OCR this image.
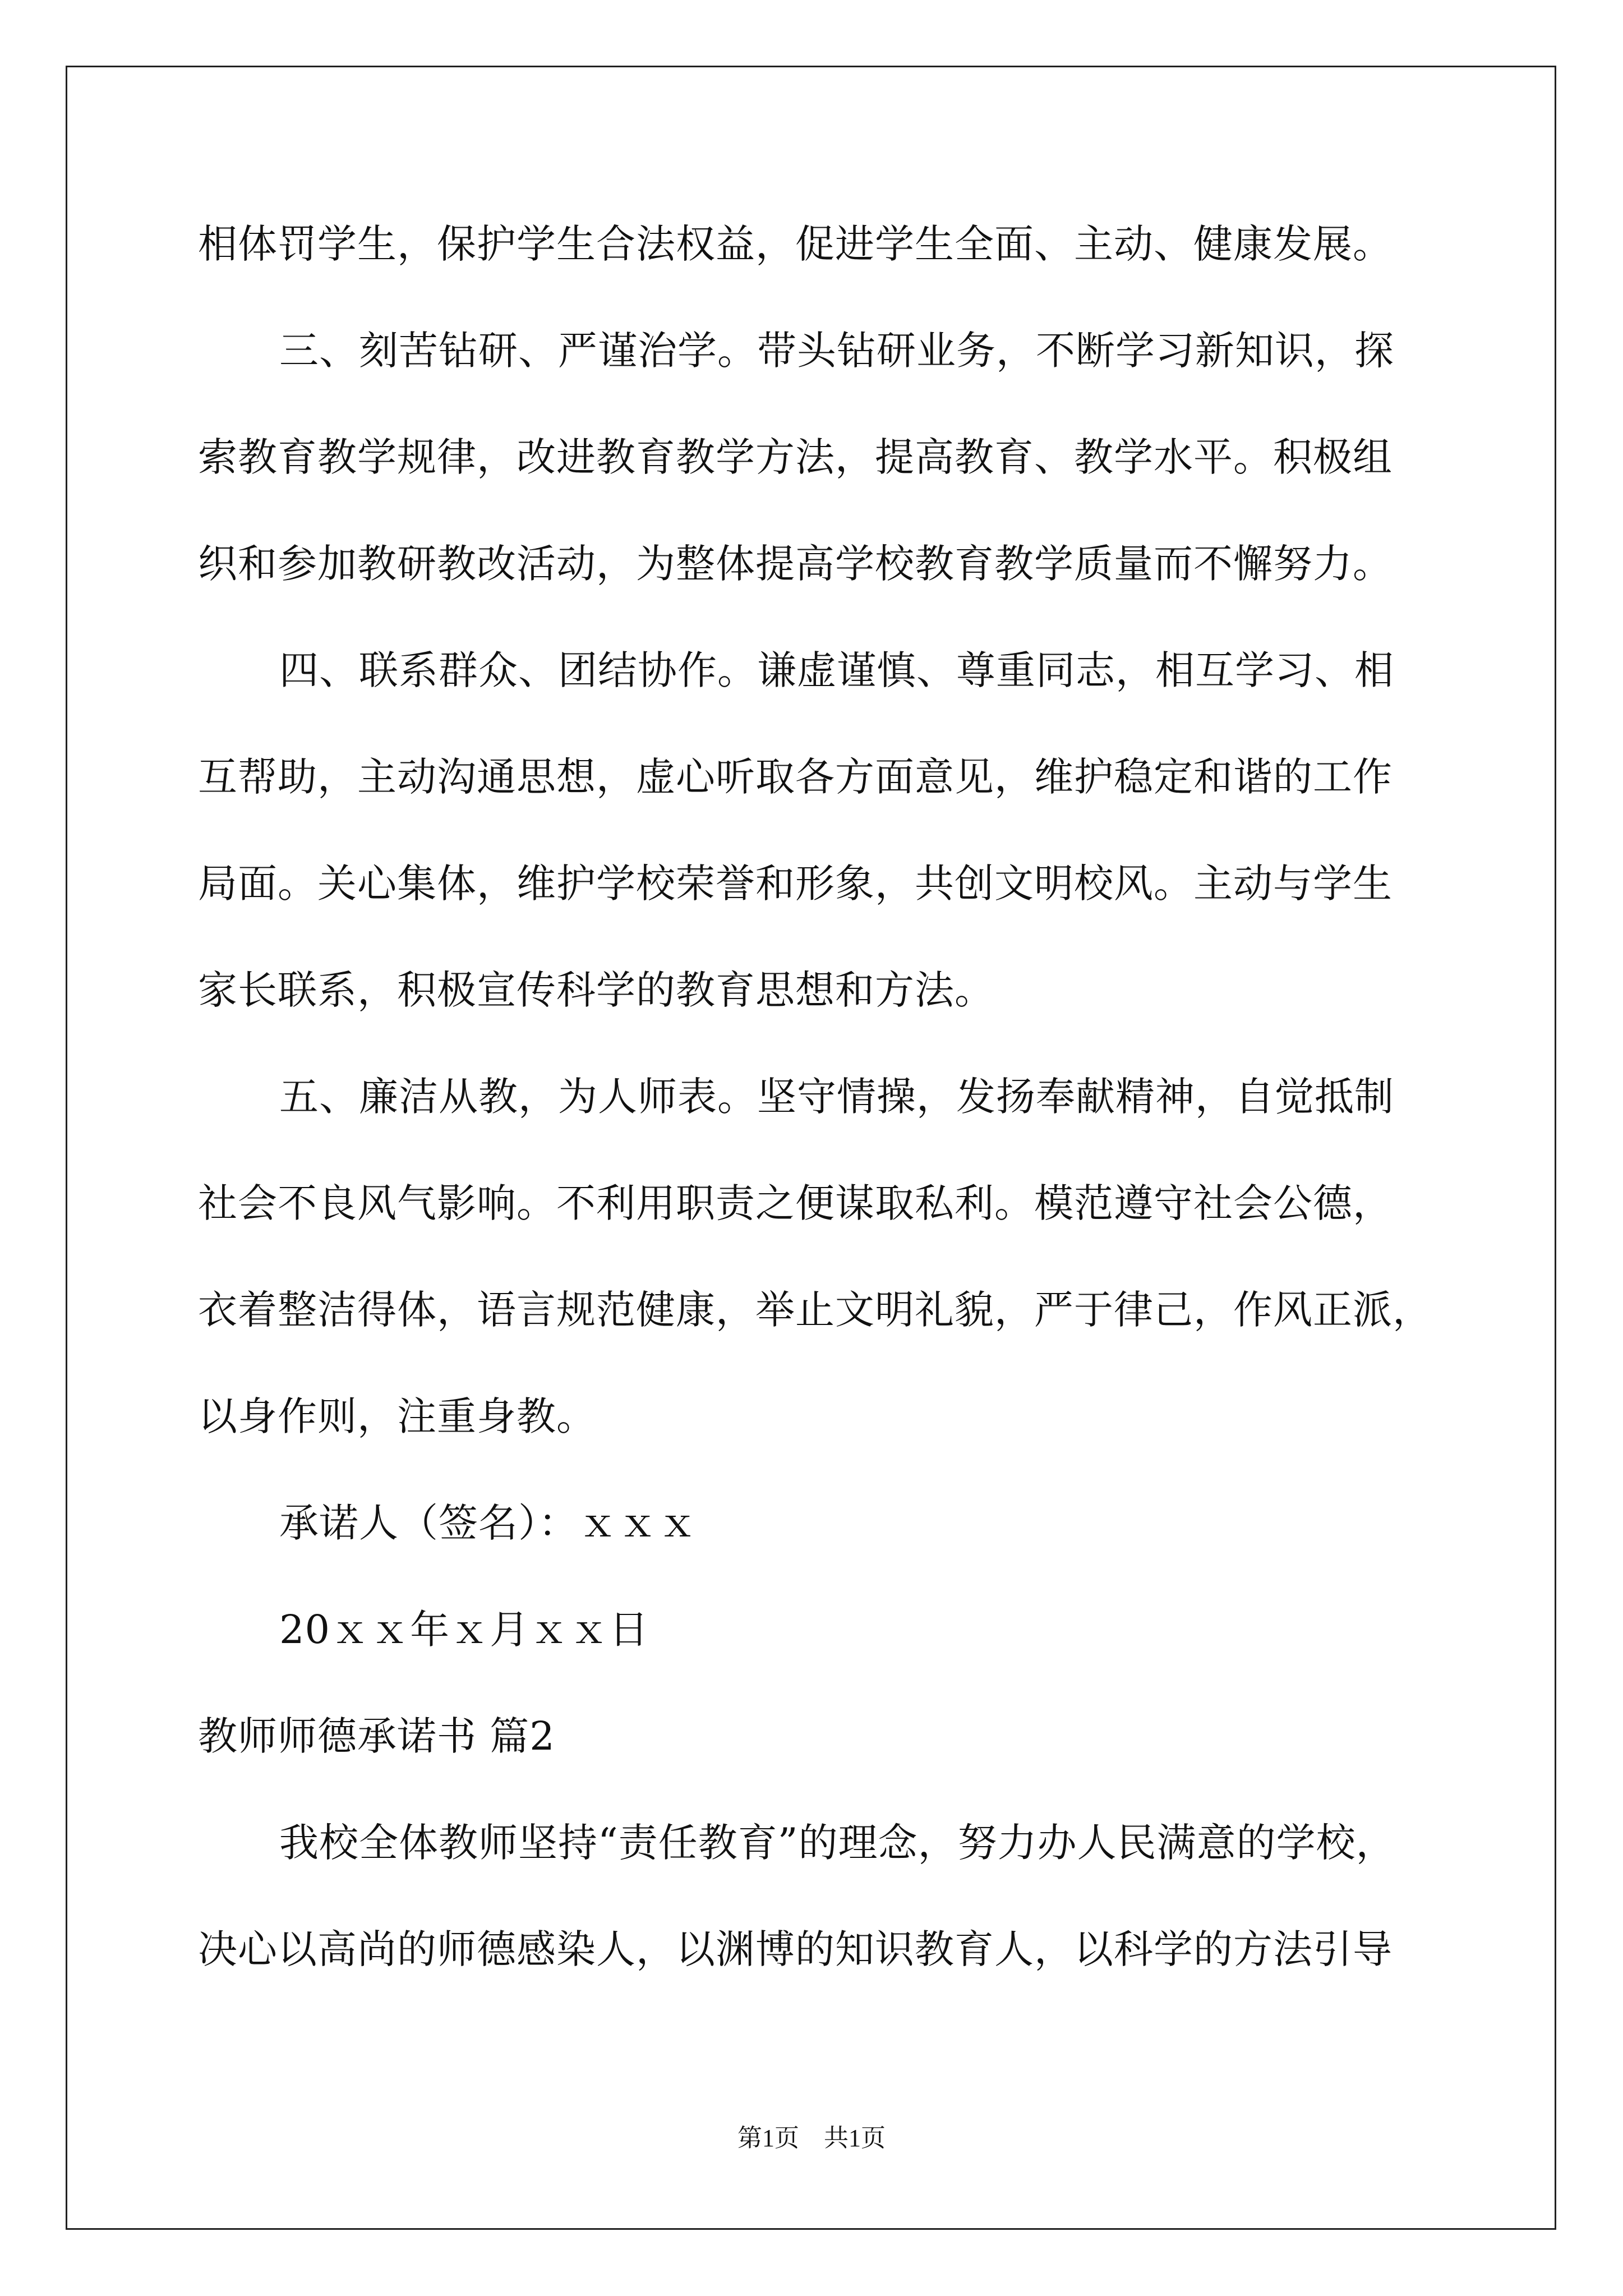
相体罚学生，保护学生合法权益，促进学生全面、主动、健康发展。
三、刻苦钻研、严谨治学。带头钻研业务，不断学习新知识，探
索教育教学规律，改进教育教学方法，提高教育、教学水平。积极组
织和参加教研教改活动，为整体提高学校教育教学质量而不懈努力。
四、联系群众、团结协作。谦虚谨慎、尊重同志，相互学习、相
互帮助，主动沟通思想，虚心听取各方面意见，维护稳定和谐的工作
局面。关心集体，维护学校荣誉和形象，共创文明校风。主动与学生
家长联系，积极宣传科学的教育思想和方法。
五、廉洁从教，为人师表。坚守情操，发扬奉献精神，自觉抵制
社会不良风气影响。不利用职责之便谋取私利。模范遵守社会公德，
衣着整洁得体，语言规范健康，举止文明礼貌，严于律己，作风正派，
以身作则，注重身教。
承诺人（签名）：ｘｘｘ
20ｘｘ年ｘ月ｘｘ日
教师师德承诺书 篇2
我校全体教师坚持“责任教育”的理念，努力办人民满意的学校，
决心以高尚的师德感染人，以渊博的知识教育人，以科学的方法引导
第1页　共1页
